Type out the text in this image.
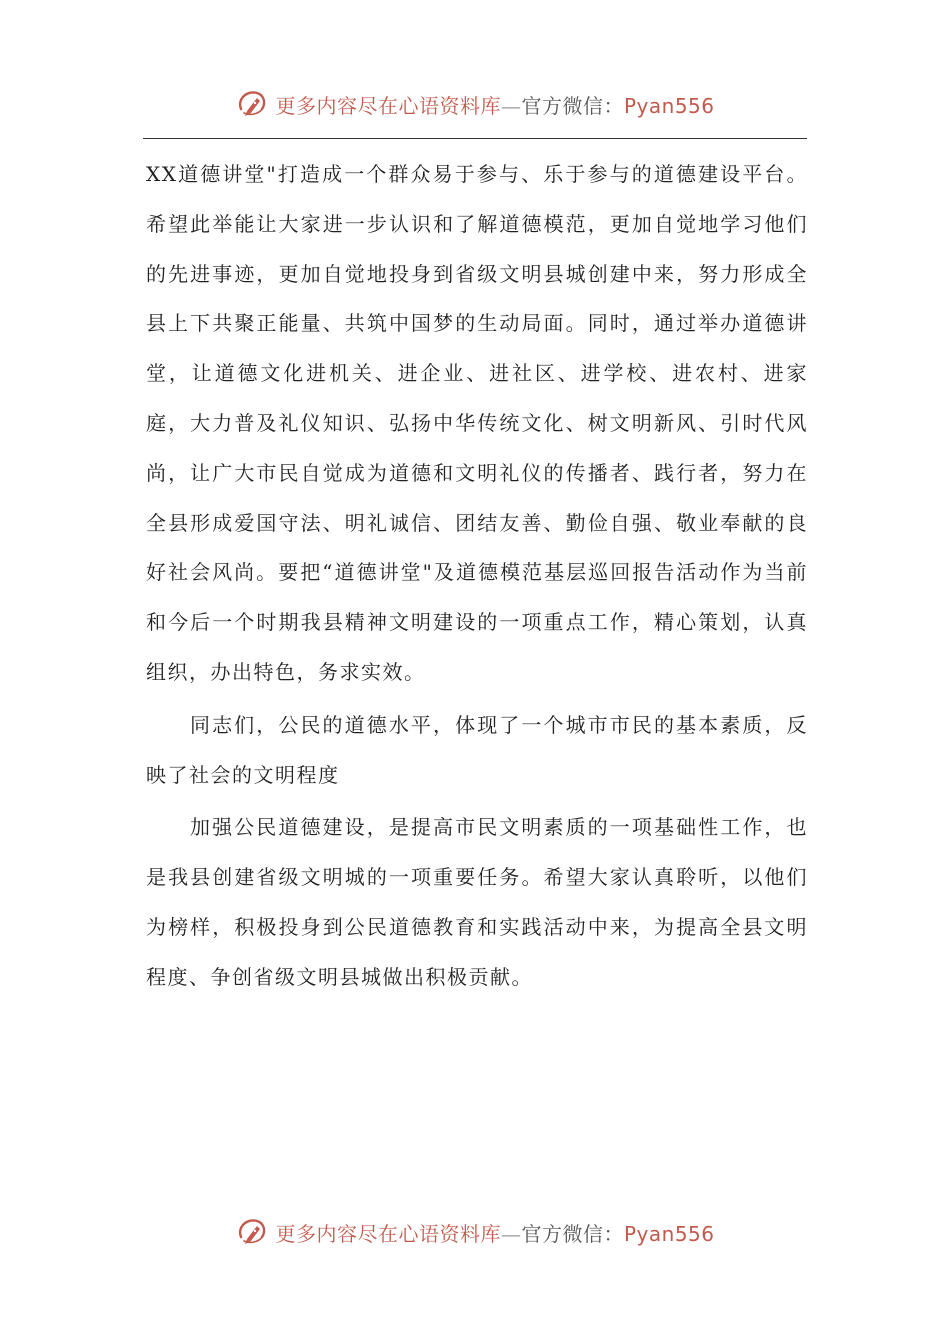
更多内容尽在心语资料库—官方微信：Pyan556

XX道德讲堂"打造成一个群众易于参与、乐于参与的道德建设平台。希望此举能让大家进一步认识和了解道德模范，更加自觉地学习他们的先进事迹，更加自觉地投身到省级文明县城创建中来，努力形成全县上下共聚正能量、共筑中国梦的生动局面。同时，通过举办道德讲堂，让道德文化进机关、进企业、进社区、进学校、进农村、进家庭，大力普及礼仪知识、弘扬中华传统文化、树文明新风、引时代风尚，让广大市民自觉成为道德和文明礼仪的传播者、践行者，努力在全县形成爱国守法、明礼诚信、团结友善、勤俭自强、敬业奉献的良好社会风尚。要把“道德讲堂"及道德模范基层巡回报告活动作为当前和今后一个时期我县精神文明建设的一项重点工作，精心策划，认真组织，办出特色，务求实效。

同志们，公民的道德水平，体现了一个城市市民的基本素质，反映了社会的文明程度

加强公民道德建设，是提高市民文明素质的一项基础性工作，也是我县创建省级文明城的一项重要任务。希望大家认真聆听，以他们为榜样，积极投身到公民道德教育和实践活动中来，为提高全县文明程度、争创省级文明县城做出积极贡献。

更多内容尽在心语资料库—官方微信：Pyan556
